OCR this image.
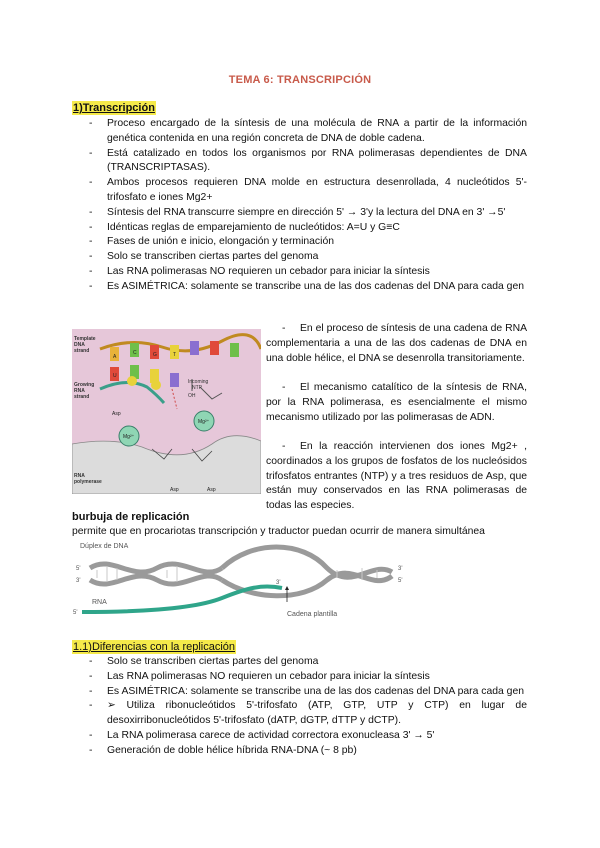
TEMA 6: TRANSCRIPCIÓN
1)Transcripción
- Proceso encargado de la síntesis de una molécula de RNA a partir de la información genética contenida en una región concreta de DNA de doble cadena.
- Está catalizado en todos los organismos por RNA polimerasas dependientes de DNA (TRANSCRIPTASAS).
- Ambos procesos requieren DNA molde en estructura desenrollada, 4 nucleótidos 5'-trifosfato e iones Mg2+
- Síntesis del RNA transcurre siempre en dirección 5' → 3'y la lectura del DNA en 3' →5'
- Idénticas reglas de emparejamiento de nucleótidos: A=U y G≡C
- Fases de unión e inicio, elongación y terminación
- Solo se transcriben ciertas partes del genoma
- Las RNA polimerasas NO requieren un cebador para iniciar la síntesis
- Es ASIMÉTRICA: solamente se transcribe una de las dos cadenas del DNA para cada gen
Template
DNA
strand
Growing
RNA
strand
Incoming
NTP
OH
Mg²⁺
Mg²⁺
Asp
Asp	Asp
RNA
polymerase
A
C	G	T
U

- En el proceso de síntesis de una cadena de RNA complementaria a una de las dos cadenas de DNA en una doble hélice, el DNA se desenrolla transitoriamente.

- El mecanismo catalítico de la síntesis de RNA, por la RNA polimerasa, es esencialmente el mismo mecanismo utilizado por las polimerasas de ADN.

- En la reacción intervienen dos iones Mg2+ , coordinados a los grupos de fosfatos de los nucleósidos trifosfatos entrantes (NTP) y a tres residuos de Asp, que están muy conservados en las RNA polimerasas de todas las especies.

burbuja de replicación
permite que en procariotas transcripción y traductor puedan ocurrir de manera simultánea
Dúplex de DNA
RNA
Cadena plantilla
5'
3'
3'
5'
5'
3'
1.1)Diferencias con la replicación
- Solo se transcriben ciertas partes del genoma
- Las RNA polimerasas NO requieren un cebador para iniciar la síntesis
- Es ASIMÉTRICA: solamente se transcribe una de las dos cadenas del DNA para cada gen
- ➢ Utiliza ribonucleótidos 5'-trifosfato (ATP, GTP, UTP y CTP) en lugar de desoxirribonucleótidos 5'-trifosfato (dATP, dGTP, dTTP y dCTP).
- La RNA polimerasa carece de actividad correctora exonucleasa 3' → 5'
- Generación de doble hélice híbrida RNA-DNA (~ 8 pb)
